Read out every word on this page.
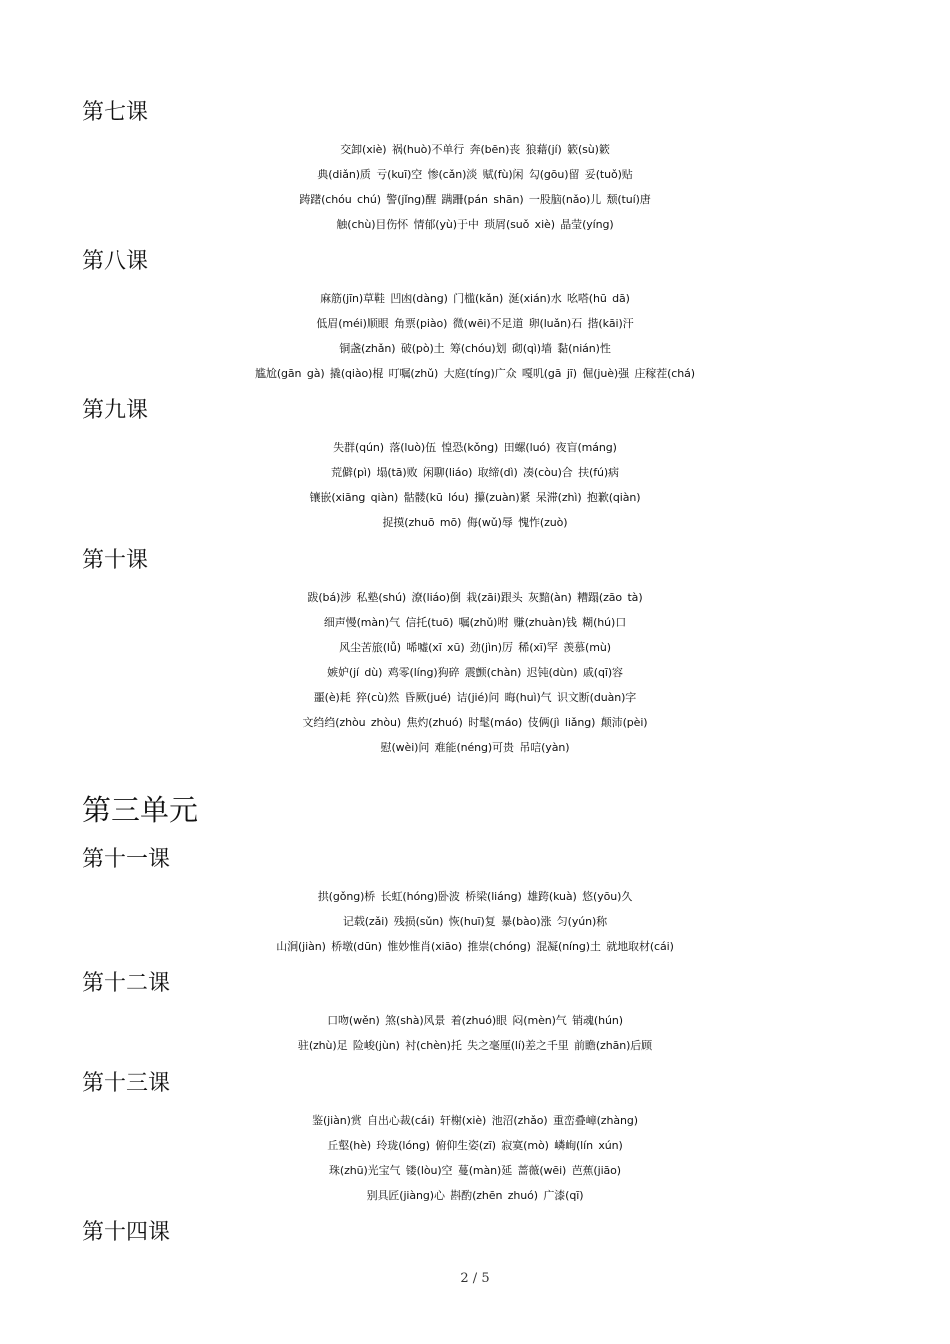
第七课
交卸(xiè) 祸(huò)不单行 奔(bēn)丧 狼藉(jí) 簌(sù)簌
典(diǎn)质 亏(kuī)空 惨(cǎn)淡 赋(fù)闲 勾(gōu)留 妥(tuǒ)贴
踌躇(chóu chú) 警(jǐng)醒 蹒跚(pán shān) 一股脑(nǎo)儿 颓(tuí)唐
触(chù)目伤怀 情郁(yù)于中 琐屑(suǒ xiè) 晶莹(yíng)
第八课
麻筋(jīn)草鞋 凹凼(dàng) 门槛(kǎn) 涎(xián)水 吆嗒(hū dā)
低眉(méi)顺眼 角票(piào) 微(wēi)不足道 卵(luǎn)石 揩(kāi)汗
铜盏(zhǎn) 破(pò)土 筹(chóu)划 砌(qì)墙 黏(nián)性
尴尬(gān gà) 撬(qiào)棍 叮嘱(zhǔ) 大庭(tíng)广众 嘎叽(gā jī) 倔(juè)强 庄稼茬(chá)
第九课
失群(qún) 落(luò)伍 惶恐(kǒng) 田螺(luó) 夜盲(máng)
荒僻(pì) 塌(tā)败 闲聊(liáo) 取缔(dì) 凑(còu)合 扶(fú)病
镶嵌(xiāng qiàn) 骷髅(kū lóu) 攥(zuàn)紧 呆滞(zhì) 抱歉(qiàn)
捉摸(zhuō mō) 侮(wǔ)辱 愧怍(zuò)
第十课
跋(bá)涉 私塾(shú) 潦(liáo)倒 栽(zāi)跟头 灰黯(àn) 糟蹋(zāo tà)
细声慢(màn)气 信托(tuō) 嘱(zhǔ)咐 赚(zhuàn)钱 糊(hú)口
风尘苦旅(lǚ) 唏嘘(xī xū) 劲(jìn)厉 稀(xī)罕 羡慕(mù)
嫉妒(jí dù) 鸡零(líng)狗碎 震颤(chàn) 迟钝(dùn) 戚(qī)容
噩(è)耗 猝(cù)然 昏厥(jué) 诘(jié)问 晦(huì)气 识文断(duàn)字
文绉绉(zhòu zhòu) 焦灼(zhuó) 时髦(máo) 伎俩(jì liǎng) 颠沛(pèi)
慰(wèi)问 难能(néng)可贵 吊唁(yàn)
第三单元
第十一课
拱(gǒng)桥 长虹(hóng)卧波 桥梁(liáng) 雄跨(kuà) 悠(yōu)久
记载(zǎi) 残损(sǔn) 恢(huī)复 暴(bào)涨 匀(yún)称
山涧(jiàn) 桥墩(dūn) 惟妙惟肖(xiāo) 推崇(chóng) 混凝(níng)土 就地取材(cái)
第十二课
口吻(wěn) 煞(shà)风景 着(zhuó)眼 闷(mèn)气 销魂(hún)
驻(zhù)足 险峻(jùn) 衬(chèn)托 失之毫厘(lí)差之千里 前瞻(zhān)后顾
第十三课
鉴(jiàn)赏 自出心裁(cái) 轩榭(xiè) 池沼(zhǎo) 重峦叠嶂(zhàng)
丘壑(hè) 玲珑(lóng) 俯仰生姿(zī) 寂寞(mò) 嶙峋(lín xún)
珠(zhū)光宝气 镂(lòu)空 蔓(màn)延 蔷薇(wēi) 芭蕉(jiāo)
别具匠(jiàng)心 斟酌(zhēn zhuó) 广漆(qī)
第十四课
2 / 5
